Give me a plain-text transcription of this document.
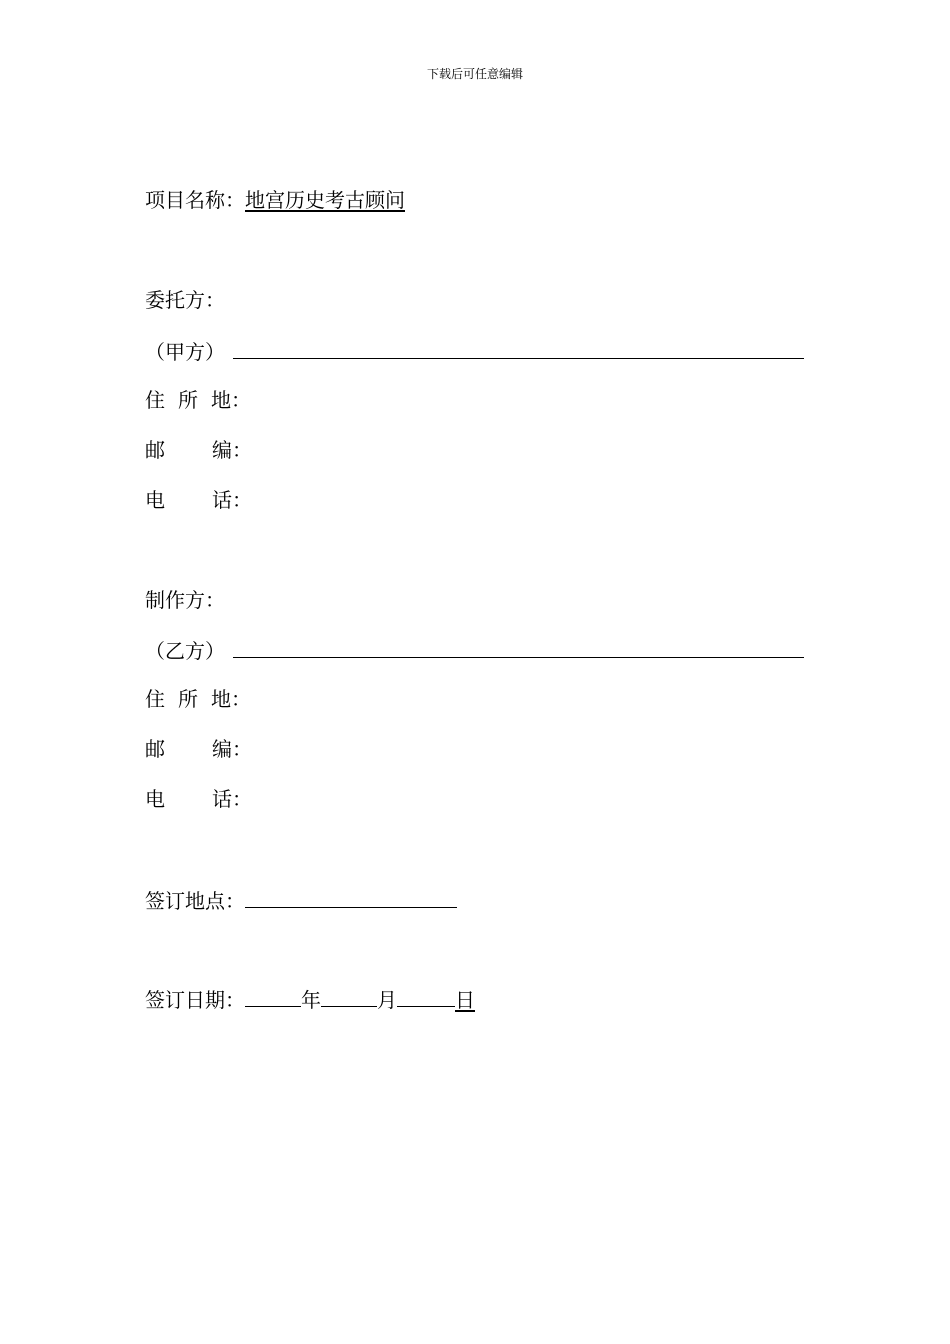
下载后可任意编辑
项目名称：地宫历史考古顾问
委托方：
（甲方）
住 所 地：
邮 编：
电 话：
制作方：
（乙方）
住 所 地：
邮 编：
电 话：
签订地点：
签订日期：	年	月	日
